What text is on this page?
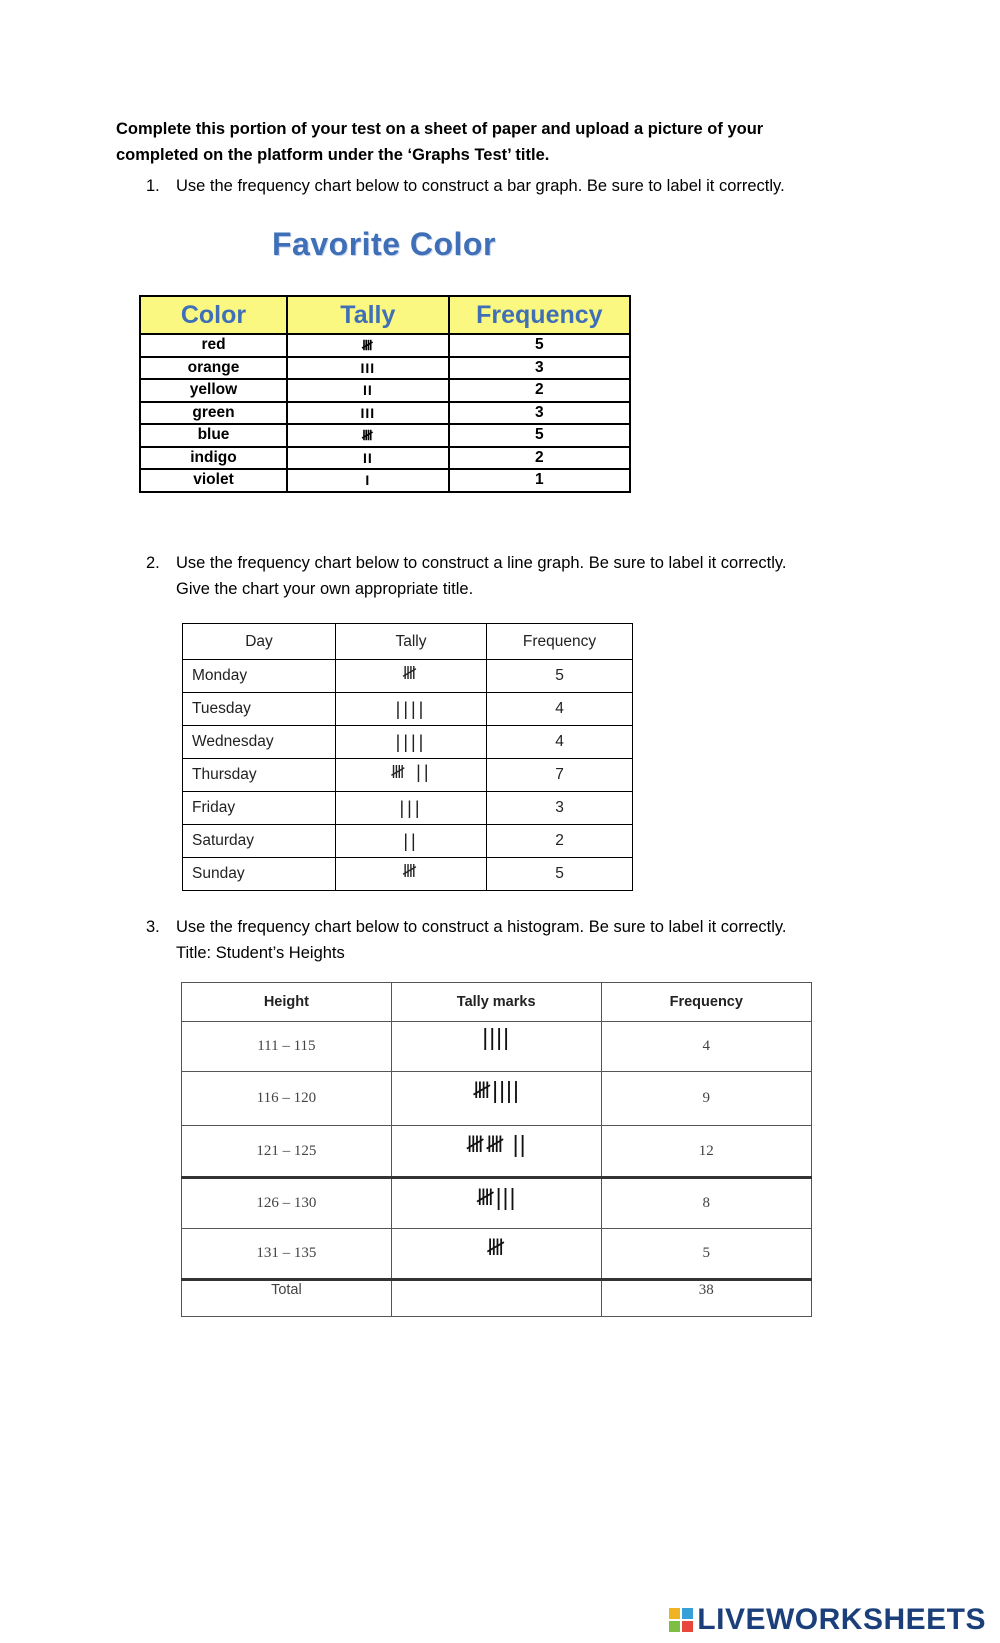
Complete this portion of your test on a sheet of paper and upload a picture of your
completed on the platform under the ‘Graphs Test’ title.
1. Use the frequency chart below to construct a bar graph. Be sure to label it correctly.
Favorite Color
Color	Tally	Frequency
red	𝍸	5
orange	III	3
yellow	II	2
green	III	3
blue	𝍸	5
indigo	II	2
violet	I	1
2. Use the frequency chart below to construct a line graph. Be sure to label it correctly.
Give the chart your own appropriate title.
Day	Tally	Frequency
Monday	𝍸	5
Tuesday	||||	4
Wednesday	||||	4
Thursday	𝍸 ||	7
Friday	|||	3
Saturday	||	2
Sunday	𝍸	5
3. Use the frequency chart below to construct a histogram. Be sure to label it correctly.
Title: Student’s Heights
Height	Tally marks	Frequency
111 – 115	||||	4
116 – 120	𝍸||||	9
121 – 125	𝍸𝍸 ||	12
126 – 130	𝍸|||	8
131 – 135	𝍸	5
Total		38
LIVEWORKSHEETS
